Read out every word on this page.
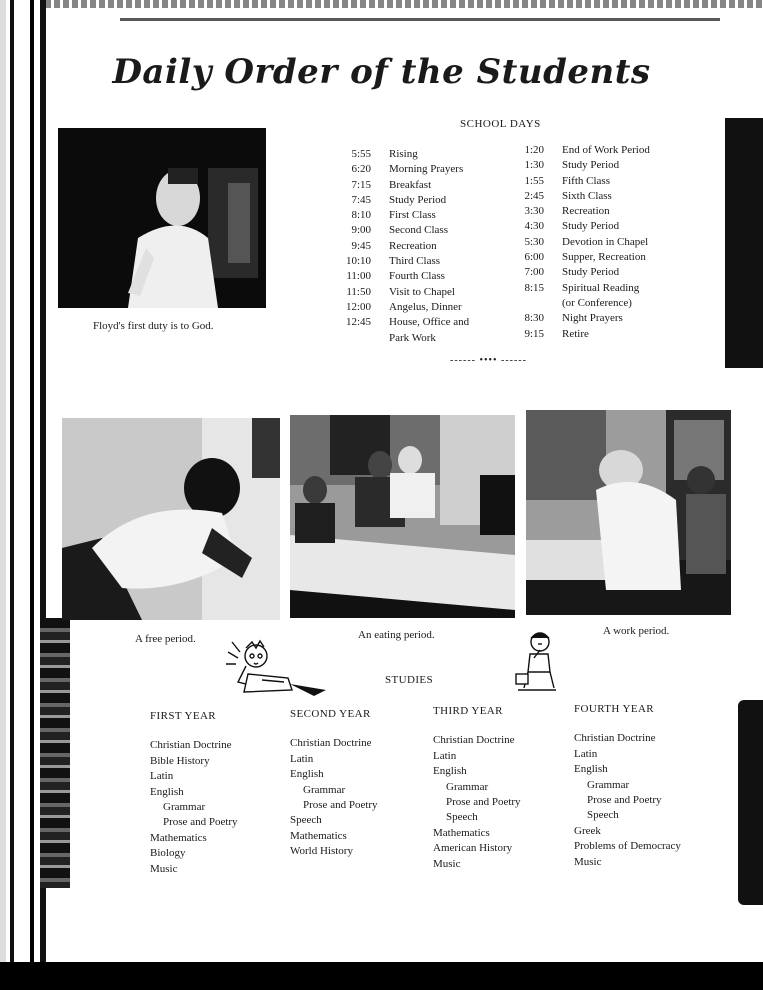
Daily Order of the Students
Floyd's first duty is to God.
SCHOOL DAYS
5:55	Rising
6:20	Morning Prayers
7:15	Breakfast
7:45	Study Period
8:10	First Class
9:00	Second Class
9:45	Recreation
10:10	Third Class
11:00	Fourth Class
11:50	Visit to Chapel
12:00	Angelus, Dinner
12:45	House, Office and
Park Work
1:20	End of Work Period
1:30	Study Period
1:55	Fifth Class
2:45	Sixth Class
3:30	Recreation
4:30	Study Period
5:30	Devotion in Chapel
6:00	Supper, Recreation
7:00	Study Period
8:15	Spiritual Reading
(or Conference)
8:30	Night Prayers
9:15	Retire
------ •••• ------
A free period.	An eating period.	A work period.
STUDIES
FIRST YEAR
Christian Doctrine
Bible History
Latin
English
Grammar
Prose and Poetry
Mathematics
Biology
Music
SECOND YEAR
Christian Doctrine
Latin
English
Grammar
Prose and Poetry
Speech
Mathematics
World History
THIRD YEAR
Christian Doctrine
Latin
English
Grammar
Prose and Poetry
Speech
Mathematics
American History
Music
FOURTH YEAR
Christian Doctrine
Latin
English
Grammar
Prose and Poetry
Speech
Greek
Problems of Democracy
Music
